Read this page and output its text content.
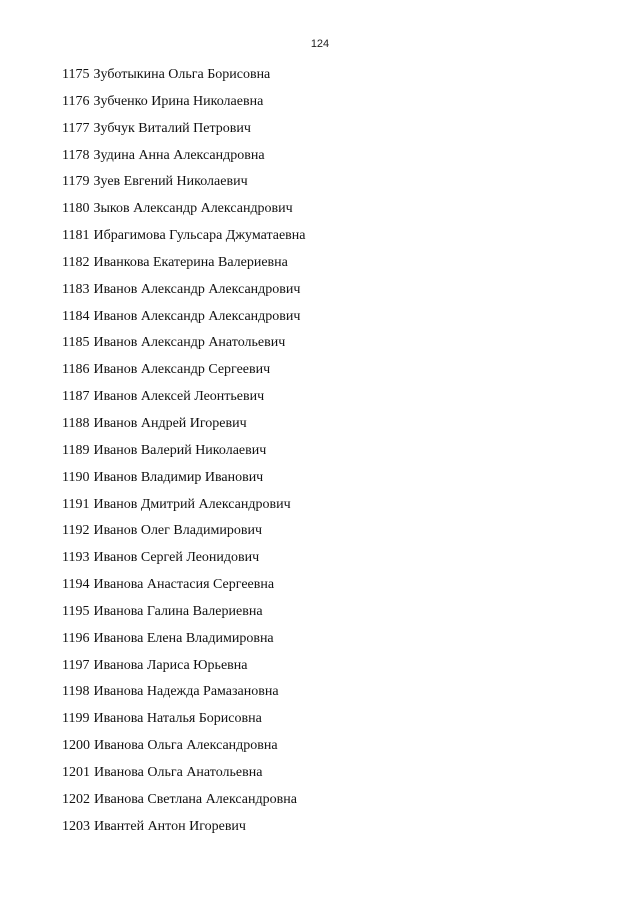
124
1175 Зуботыкина Ольга Борисовна
1176 Зубченко Ирина Николаевна
1177 Зубчук Виталий Петрович
1178 Зудина Анна Александровна
1179 Зуев Евгений Николаевич
1180 Зыков Александр Александрович
1181 Ибрагимова Гульсара Джуматаевна
1182 Иванкова Екатерина Валериевна
1183 Иванов Александр Александрович
1184 Иванов Александр Александрович
1185 Иванов Александр Анатольевич
1186 Иванов Александр Сергеевич
1187 Иванов Алексей Леонтьевич
1188 Иванов Андрей Игоревич
1189 Иванов Валерий Николаевич
1190 Иванов Владимир Иванович
1191 Иванов Дмитрий Александрович
1192 Иванов Олег Владимирович
1193 Иванов Сергей Леонидович
1194 Иванова Анастасия Сергеевна
1195 Иванова Галина Валериевна
1196 Иванова Елена Владимировна
1197 Иванова Лариса Юрьевна
1198 Иванова Надежда Рамазановна
1199 Иванова Наталья Борисовна
1200 Иванова Ольга Александровна
1201 Иванова Ольга Анатольевна
1202 Иванова Светлана Александровна
1203 Ивантей Антон Игоревич
